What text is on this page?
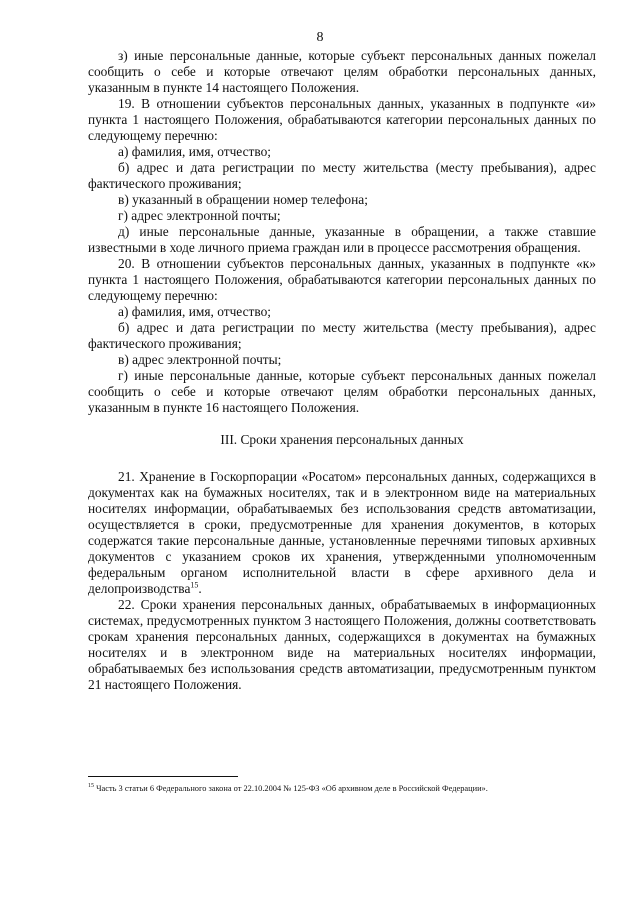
8

з) иные персональные данные, которые субъект персональных данных пожелал сообщить о себе и которые отвечают целям обработки персональных данных, указанным в пункте 14 настоящего Положения.

19. В отношении субъектов персональных данных, указанных в подпункте «и» пункта 1 настоящего Положения, обрабатываются категории персональных данных по следующему перечню:

а) фамилия, имя, отчество;

б) адрес и дата регистрации по месту жительства (месту пребывания), адрес фактического проживания;

в) указанный в обращении номер телефона;

г) адрес электронной почты;

д) иные персональные данные, указанные в обращении, а также ставшие известными в ходе личного приема граждан или в процессе рассмотрения обращения.

20. В отношении субъектов персональных данных, указанных в подпункте «к» пункта 1 настоящего Положения, обрабатываются категории персональных данных по следующему перечню:

а) фамилия, имя, отчество;

б) адрес и дата регистрации по месту жительства (месту пребывания), адрес фактического проживания;

в) адрес электронной почты;

г) иные персональные данные, которые субъект персональных данных пожелал сообщить о себе и которые отвечают целям обработки персональных данных, указанным в пункте 16 настоящего Положения.

III. Сроки хранения персональных данных

21. Хранение в Госкорпорации «Росатом» персональных данных, содержащихся в документах как на бумажных носителях, так и в электронном виде на материальных носителях информации, обрабатываемых без использования средств автоматизации, осуществляется в сроки, предусмотренные для хранения документов, в которых содержатся такие персональные данные, установленные перечнями типовых архивных документов с указанием сроков их хранения, утвержденными уполномоченным федеральным органом исполнительной власти в сфере архивного дела и делопроизводства$^{15}$.

22. Сроки хранения персональных данных, обрабатываемых в информационных системах, предусмотренных пунктом 3 настоящего Положения, должны соответствовать срокам хранения персональных данных, содержащихся в документах на бумажных носителях и в электронном виде на материальных носителях информации, обрабатываемых без использования средств автоматизации, предусмотренным пунктом 21 настоящего Положения.

$^{15}$ Часть 3 статьи 6 Федерального закона от 22.10.2004 № 125-ФЗ «Об архивном деле в Российской Федерации».
